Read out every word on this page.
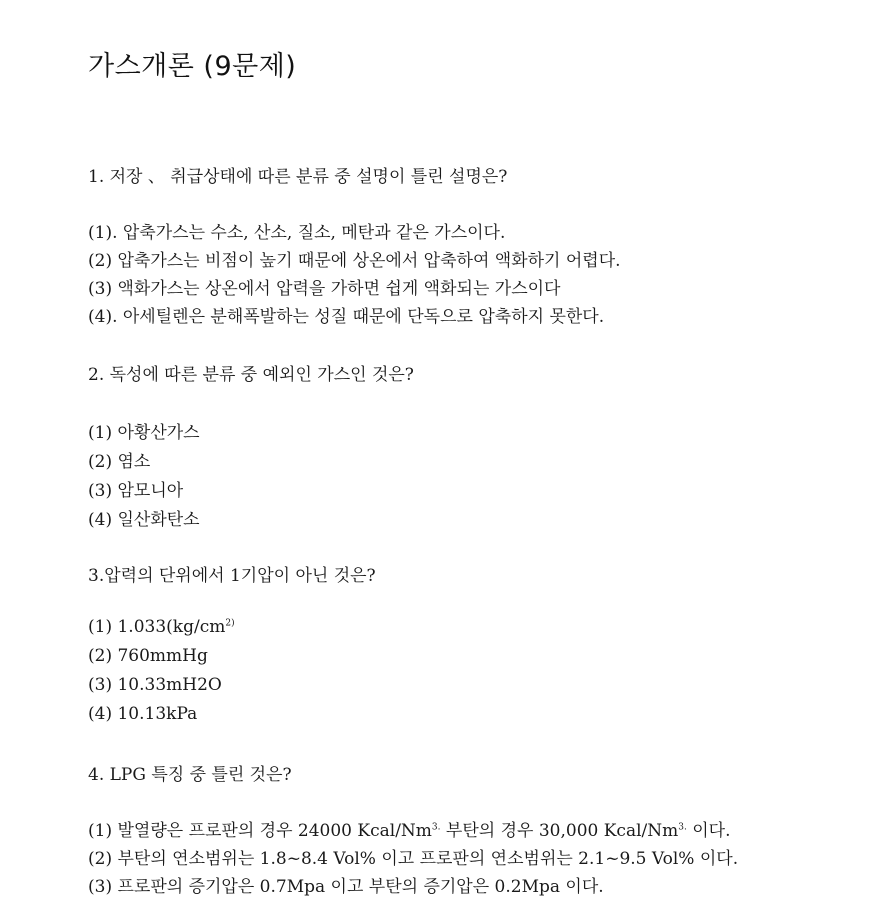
가스개론 (9문제)
1. 저장 、 취급상태에 따른 분류 중 설명이 틀린 설명은?
(1). 압축가스는 수소, 산소, 질소, 메탄과 같은 가스이다.
(2) 압축가스는 비점이 높기 때문에 상온에서 압축하여 액화하기 어렵다.
(3) 액화가스는 상온에서 압력을 가하면 쉽게 액화되는 가스이다
(4). 아세틸렌은 분해폭발하는 성질 때문에 단독으로 압축하지 못한다.
2. 독성에 따른 분류 중 예외인 가스인 것은?
(1) 아황산가스
(2) 염소
(3) 암모니아
(4) 일산화탄소
3.압력의 단위에서 1기압이 아닌 것은?
(1) $1.033(kg/cm^{2)}$
(2) 760mmHg
(3) 10.33mH2O
(4) 10.13kPa
4. LPG 특징 중 틀린 것은?
(1) 발열량은 프로판의 경우 24000 Kcal/$Nm^{3.}$ 부탄의 경우 30,000 Kcal/$Nm^{3.}$ 이다.
(2) 부탄의 연소범위는 1.8~8.4 Vol% 이고 프로판의 연소범위는 2.1~9.5 Vol% 이다.
(3) 프로판의 증기압은 0.7Mpa 이고 부탄의 증기압은 0.2Mpa 이다.
